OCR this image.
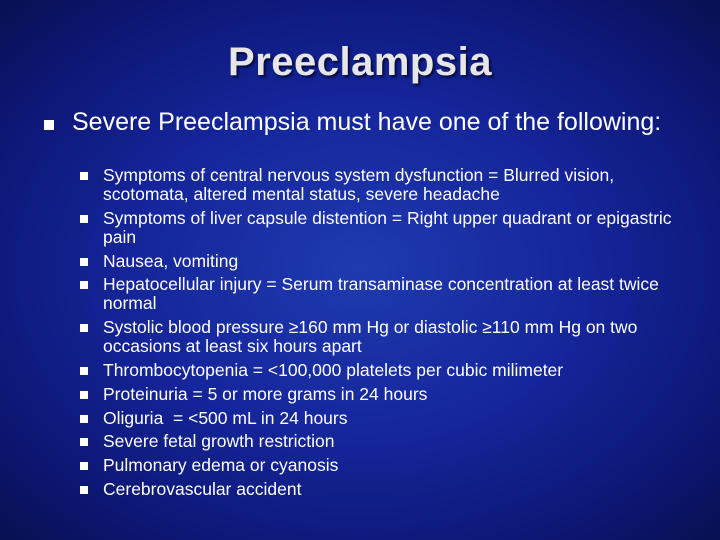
Preeclampsia
Severe Preeclampsia must have one of the following:
Symptoms of central nervous system dysfunction = Blurred vision, scotomata, altered mental status, severe headache
Symptoms of liver capsule distention = Right upper quadrant or epigastric pain
Nausea, vomiting
Hepatocellular injury = Serum transaminase concentration at least twice normal
Systolic blood pressure ≥160 mm Hg or diastolic ≥110 mm Hg on two occasions at least six hours apart
Thrombocytopenia = <100,000 platelets per cubic milimeter
Proteinuria = 5 or more grams in 24 hours
Oliguria  = <500 mL in 24 hours
Severe fetal growth restriction
Pulmonary edema or cyanosis
Cerebrovascular accident
